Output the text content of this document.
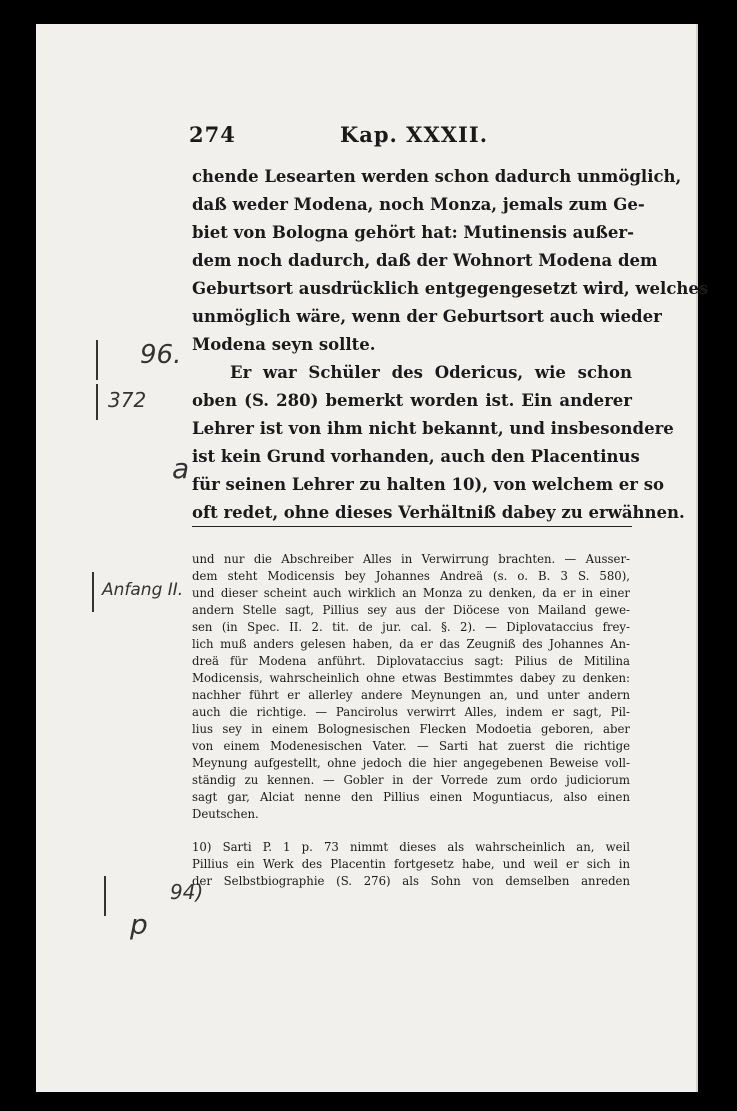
274	Kap. XXXII.
chende Lesearten werden schon dadurch unmöglich,
daß weder Modena, noch Monza, jemals zum Ge-
biet von Bologna gehört hat: Mutinensis außer-
dem noch dadurch, daß der Wohnort Modena dem
Geburtsort ausdrücklich entgegengesetzt wird, welches
unmöglich wäre, wenn der Geburtsort auch wieder
Modena seyn sollte.
Er war Schüler des Odericus, wie schon
oben (S. 280) bemerkt worden ist. Ein anderer
Lehrer ist von ihm nicht bekannt, und insbesondere
ist kein Grund vorhanden, auch den Placentinus
für seinen Lehrer zu halten 10), von welchem er so
oft redet, ohne dieses Verhältniß dabey zu erwähnen.
und nur die Abschreiber Alles in Verwirrung brachten. — Ausser-
dem steht Modicensis bey Johannes Andreä (s. o. B. 3 S. 580),
und dieser scheint auch wirklich an Monza zu denken, da er in einer
andern Stelle sagt, Pillius sey aus der Diöcese von Mailand gewe-
sen (in Spec. II. 2. tit. de jur. cal. §. 2). — Diplovataccius frey-
lich muß anders gelesen haben, da er das Zeugniß des Johannes An-
dreä für Modena anführt. Diplovataccius sagt: Pilius de Mitilina
Modicensis, wahrscheinlich ohne etwas Bestimmtes dabey zu denken:
nachher führt er allerley andere Meynungen an, und unter andern
auch die richtige. — Pancirolus verwirrt Alles, indem er sagt, Pil-
lius sey in einem Bolognesischen Flecken Modoetia geboren, aber
von einem Modenesischen Vater. — Sarti hat zuerst die richtige
Meynung aufgestellt, ohne jedoch die hier angegebenen Beweise voll-
ständig zu kennen. — Gobler in der Vorrede zum ordo judiciorum
sagt gar, Alciat nenne den Pillius einen Moguntiacus, also einen
Deutschen.
10) Sarti P. 1 p. 73 nimmt dieses als wahrscheinlich an, weil
Pillius ein Werk des Placentin fortgesetz habe, und weil er sich in
der Selbstbiographie (S. 276) als Sohn von demselben anreden
96.
372
a
Anfang II.
94)
p
